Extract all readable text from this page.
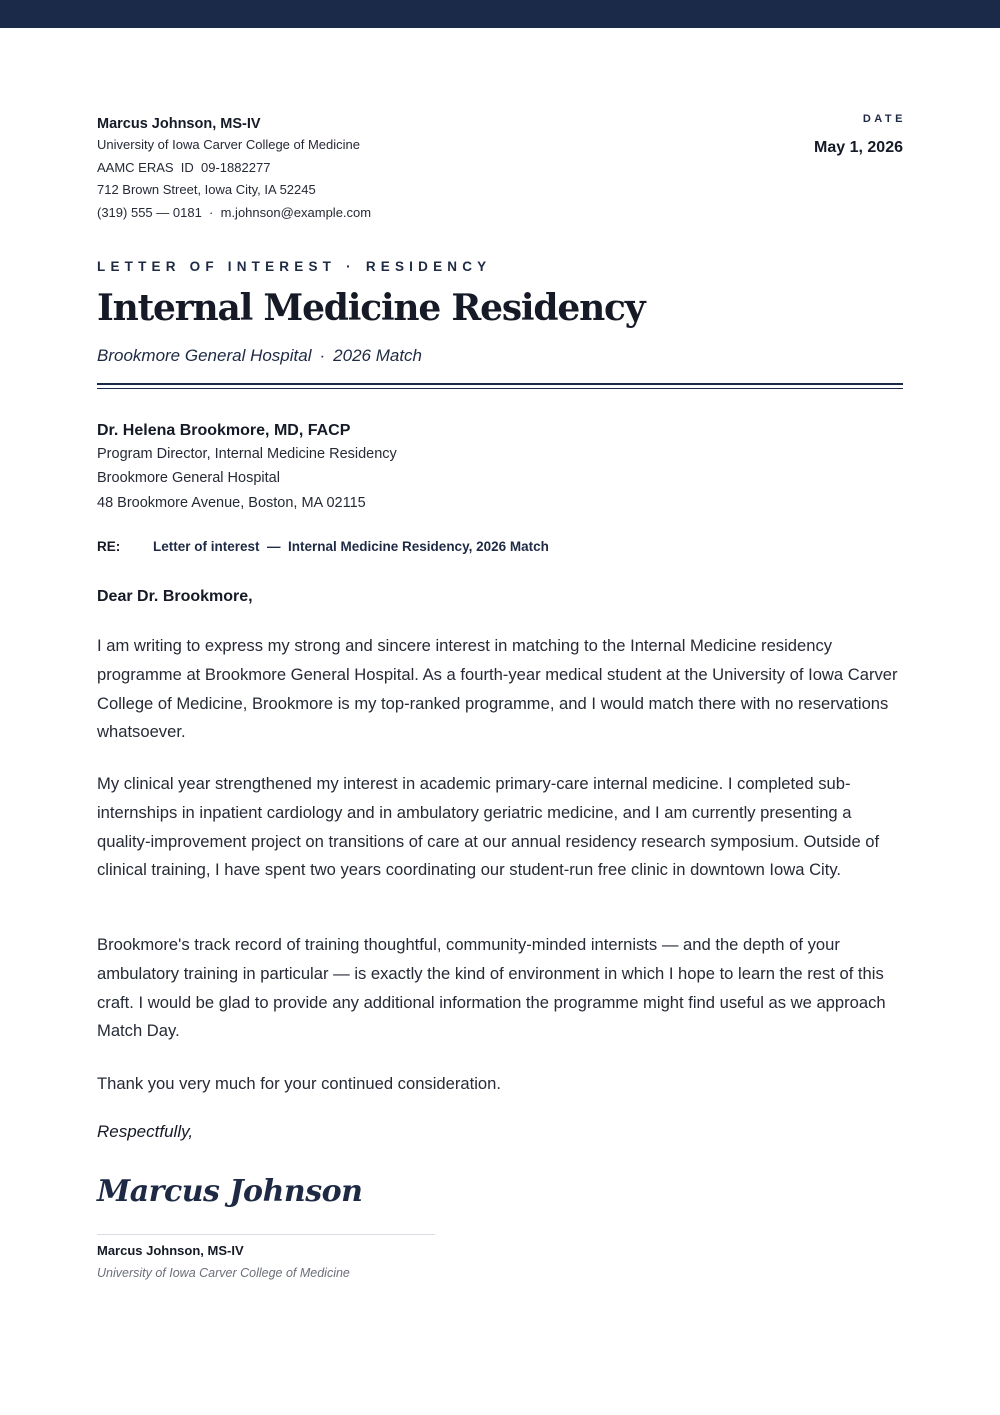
Marcus Johnson, MS-IV
University of Iowa Carver College of Medicine
AAMC ERAS  ID  09-1882277
712 Brown Street, Iowa City, IA 52245
(319) 555 — 0181  ·  m.johnson@example.com
DATE
May 1, 2026
LETTER OF INTEREST · RESIDENCY
Internal Medicine Residency
Brookmore General Hospital · 2026 Match
Dr. Helena Brookmore, MD, FACP
Program Director, Internal Medicine Residency
Brookmore General Hospital
48 Brookmore Avenue, Boston, MA 02115
RE: Letter of interest  —  Internal Medicine Residency, 2026 Match
Dear Dr. Brookmore,

I am writing to express my strong and sincere interest in matching to the Internal Medicine residency programme at Brookmore General Hospital. As a fourth-year medical student at the University of Iowa Carver College of Medicine, Brookmore is my top-ranked programme, and I would match there with no reservations whatsoever.

My clinical year strengthened my interest in academic primary-care internal medicine. I completed sub-internships in inpatient cardiology and in ambulatory geriatric medicine, and I am currently presenting a quality-improvement project on transitions of care at our annual residency research symposium. Outside of clinical training, I have spent two years coordinating our student-run free clinic in downtown Iowa City.

Brookmore's track record of training thoughtful, community-minded internists — and the depth of your ambulatory training in particular — is exactly the kind of environment in which I hope to learn the rest of this craft. I would be glad to provide any additional information the programme might find useful as we approach Match Day.

Thank you very much for your continued consideration.

Respectfully,
Marcus Johnson
Marcus Johnson, MS-IV
University of Iowa Carver College of Medicine
